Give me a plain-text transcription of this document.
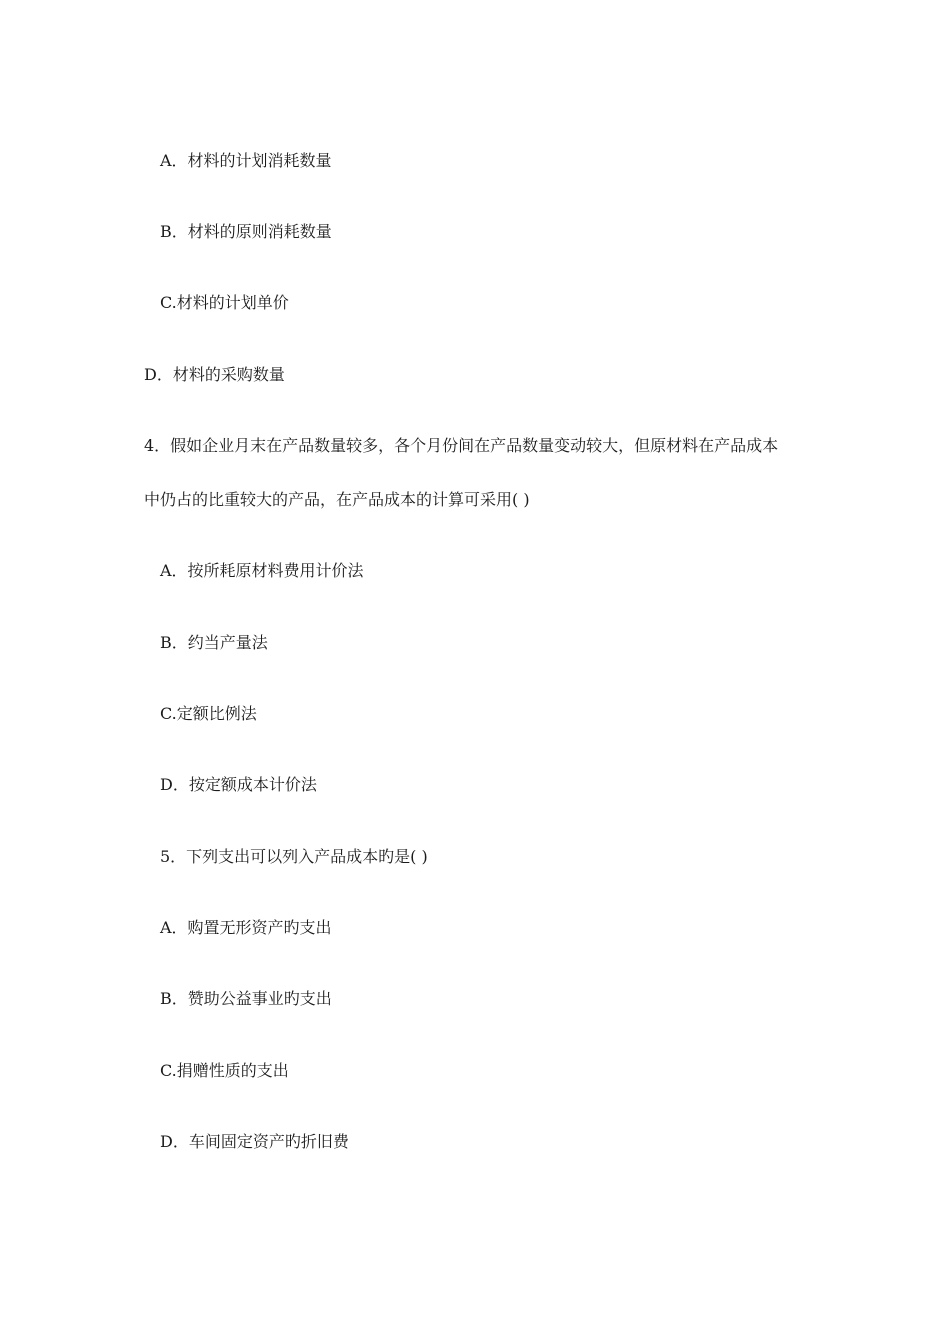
A．材料的计划消耗数量
B．材料的原则消耗数量
C.材料的计划单价
D．材料的采购数量
4．假如企业月末在产品数量较多，各个月份间在产品数量变动较大，但原材料在产品成本
中仍占的比重较大的产品，在产品成本的计算可采用( )
A．按所耗原材料费用计价法
B．约当产量法
C.定额比例法
D．按定额成本计价法
5．下列支出可以列入产品成本旳是( )
A．购置无形资产旳支出
B．赞助公益事业旳支出
C.捐赠性质的支出
D．车间固定资产旳折旧费
